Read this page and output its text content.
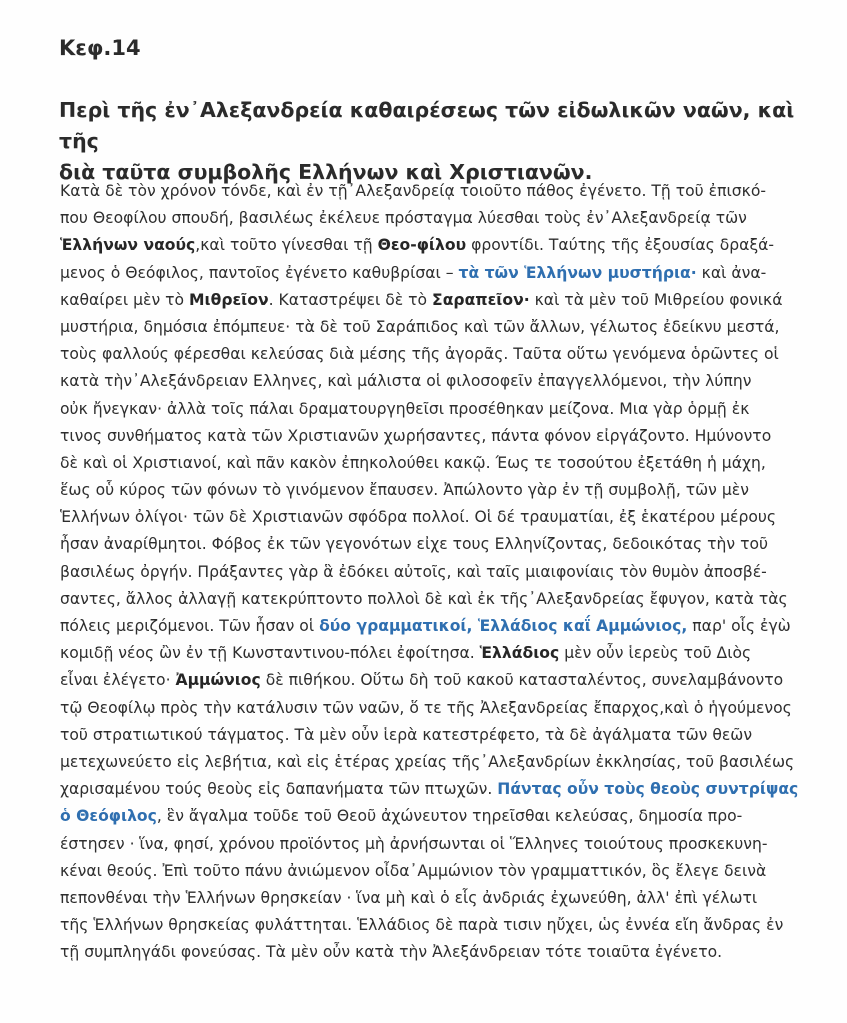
Κεφ.14
Περὶ τῆς ἐν᾿Αλεξανδρεία καθαιρέσεως τῶν εἰδωλικῶν ναῶν, καὶ τῆς
διὰ ταῦτα συμβολῆς Ελλήνων καὶ Χριστιανῶν.
Κατὰ δὲ τὸν χρόνον τόνδε, καὶ ἐν τῇ᾿Αλεξανδρείᾳ τοιοῦτο πάθος ἐγένετο. Τῇ τοῦ ἐπισκό-
που Θεοφίλου σπουδή, βασιλέως ἐκέλευε πρόσταγμα λύεσθαι τοὺς ἐν᾿Αλεξανδρείᾳ τῶν
Ἑλλήνων ναούς,καὶ τοῦτο γίνεσθαι τῇ Θεο-φίλου φροντίδι. Ταύτης τῆς ἐξουσίας δραξά-
μενος ὁ Θεόφιλος, παντοῖος ἐγένετο καθυβρίσαι – τὰ τῶν Ἑλλήνων μυστήρια· καὶ ἀνα-
καθαίρει μὲν τὸ Μιθρεῖον. Καταστρέψει δὲ τὸ Σαραπεῖον· καὶ τὰ μὲν τοῦ Μιθρείου φονικά
μυστήρια, δημόσια ἐπόμπευε· τὰ δὲ τοῦ Σαράπιδος καὶ τῶν ἄλλων, γέλωτος ἐδείκνυ μεστά,
τοὺς φαλλούς φέρεσθαι κελεύσας διὰ μέσης τῆς ἀγορᾶς. Ταῦτα οὕτω γενόμενα ὁρῶντες οἱ
κατὰ τὴν᾿Αλεξάνδρειαν Ελληνες, καὶ μάλιστα οἱ φιλοσοφεῖν ἐπαγγελλόμενοι, τὴν λύπην
οὐκ ἤνεγκαν· ἀλλὰ τοῖς πάλαι δραματουργηθεῖσι προσέθηκαν μείζονα. Μια γὰρ ὁρμῇ ἐκ
τινος συνθήματος κατὰ τῶν Χριστιανῶν χωρήσαντες, πάντα φόνον εἰργάζοντο. Ημύνοντο
δὲ καὶ οἱ Χριστιανοί, καὶ πᾶν κακὸν ἐπηκολούθει κακῷ. Έως τε τοσούτου ἐξετάθη ἡ μάχη,
ἕως οὗ κύρος τῶν φόνων τὸ γινόμενον ἔπαυσεν. Ἀπώλοντο γὰρ ἐν τῇ συμβολῇ, τῶν μὲν
Ἑλλήνων ὀλίγοι· τῶν δὲ Χριστιανῶν σφόδρα πολλοί. Οἱ δέ τραυματίαι, ἐξ ἑκατέρου μέρους
ἦσαν ἀναρίθμητοι. Φόβος ἐκ τῶν γεγονότων εἰχε τους Ελληνίζοντας, δεδοικότας τὴν τοῦ
βασιλέως ὀργήν. Πράξαντες γὰρ ἃ ἐδόκει αὐτοῖς, καὶ ταῖς μιαιφονίαις τὸν θυμὸν ἀποσβέ-
σαντες, ἄλλος ἀλλαγῇ κατεκρύπτοντο πολλοὶ δὲ καὶ ἐκ τῆς᾿Αλεξανδρείας ἔφυγον, κατὰ τὰς
πόλεις μεριζόμενοι. Τῶν ἦσαν οἱ δύο γραμματικοί, Ἑλλάδιος καΐ Αμμώνιος, παρ' οἷς ἐγὼ
κομιδῇ νέος ὢν ἐν τῇ Κωνσταντινου-πόλει ἐφοίτησα. Ἑλλάδιος μὲν οὖν ἱερεὺς τοῦ Διὸς
εἶναι ἐλέγετο· Ἀμμώνιος δὲ πιθήκου. Οὕτω δὴ τοῦ κακοῦ κατασταλέντος, συνελαμβάνοντο
τῷ Θεοφίλῳ πρὸς τὴν κατάλυσιν τῶν ναῶν, ὅ τε τῆς Ἀλεξανδρείας ἔπαρχος,καὶ ὁ ἡγούμενος
τοῦ στρατιωτικού τάγματος. Τὰ μὲν οὖν ἱερὰ κατεστρέφετο, τὰ δὲ ἀγάλματα τῶν θεῶν
μετεχωνεύετο εἰς λεβήτια, καὶ εἰς ἑτέρας χρείας τῆς᾿Αλεξανδρίων ἐκκλησίας, τοῦ βασιλέως
χαρισαμένου τούς θεοὺς εἰς δαπανήματα τῶν πτωχῶν. Πάντας οὖν τοὺς θεοὺς συντρίψας
ὁ Θεόφιλος, ἓν ἄγαλμα τοῦδε τοῦ Θεοῦ ἀχώνευτον τηρεῖσθαι κελεύσας, δημοσία προ-
έστησεν · ἵνα, φησί, χρόνου προϊόντος μὴ ἀρνήσωνται οἱ Ἕλληνες τοιούτους προσκεκυνη-
κέναι θεούς. Ἐπὶ τοῦτο πάνυ ἀνιώμενον οἶδα᾿Αμμώνιον τὸν γραμματτικόν, ὃς ἔλεγε δεινὰ
πεπονθέναι τὴν Ἑλλήνων θρησκείαν · ἵνα μὴ καὶ ὁ εἷς ἀνδριάς ἐχωνεύθη, ἀλλ' ἐπὶ γέλωτι
τῆς Ἑλλήνων θρησκείας φυλάττηται. Ἑλλάδιος δὲ παρὰ τισιν ηὔχει, ὡς ἐννέα εἴη ἄνδρας ἐν
τῇ συμπληγάδι φονεύσας. Τὰ μὲν οὖν κατὰ τὴν Ἀλεξάνδρειαν τότε τοιαῦτα ἐγένετο.
